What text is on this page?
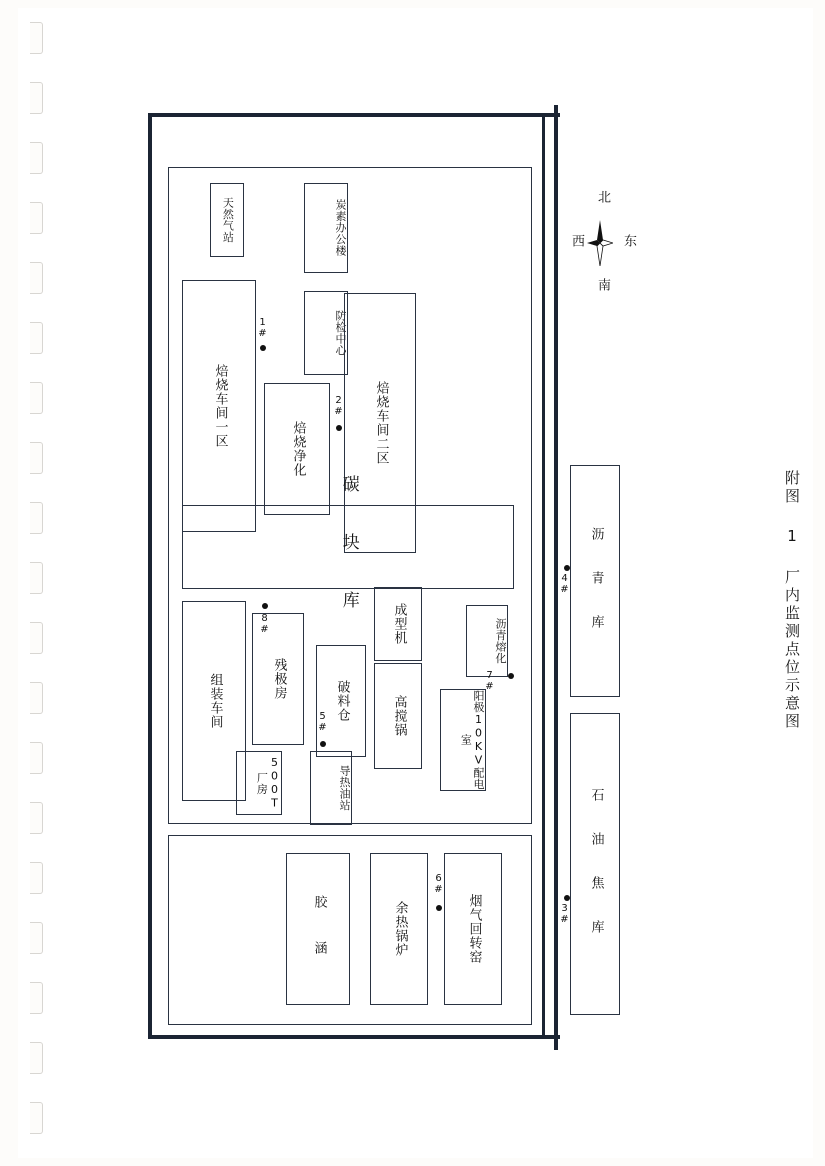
附图 1 厂内监测点位示意图
北
南
西	东
沥 青 库
石 油 焦 库
天然气站	炭素办公楼
防检中心
焙烧车间一区
焙烧净化	焙烧车间二区
1#
2#
碳　块　库
组装车间	残极房
破料仓	高搅锅
成型机	沥青熔化
阳极10KV配电室
500T厂房	导热油站
8#
5#
7#
4#
3#
胶　涵	余热锅炉	烟气回转窑
6#
